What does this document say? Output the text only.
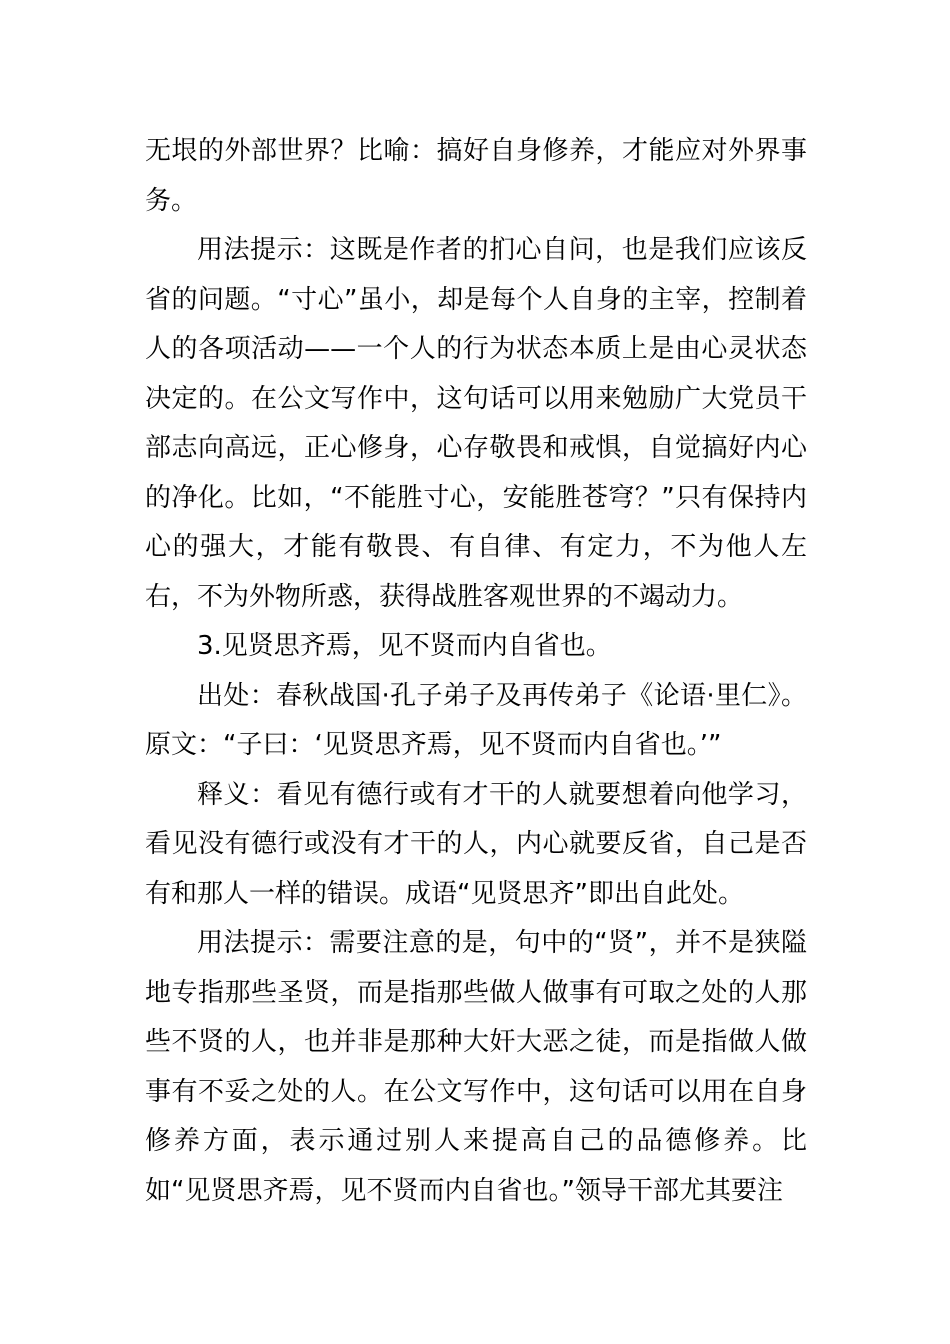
无垠的外部世界？比喻：搞好自身修养，才能应对外界事务。

用法提示：这既是作者的扪心自问，也是我们应该反省的问题。“寸心”虽小，却是每个人自身的主宰，控制着人的各项活动——一个人的行为状态本质上是由心灵状态决定的。在公文写作中，这句话可以用来勉励广大党员干部志向高远，正心修身，心存敬畏和戒惧，自觉搞好内心的净化。比如，“不能胜寸心，安能胜苍穹？”只有保持内心的强大，才能有敬畏、有自律、有定力，不为他人左右，不为外物所惑，获得战胜客观世界的不竭动力。

3.见贤思齐焉，见不贤而内自省也。

出处：春秋战国·孔子弟子及再传弟子《论语·里仁》。原文：“子曰：‘见贤思齐焉，见不贤而内自省也。’”

释义：看见有德行或有才干的人就要想着向他学习，看见没有德行或没有才干的人，内心就要反省，自己是否有和那人一样的错误。成语“见贤思齐”即出自此处。

用法提示：需要注意的是，句中的“贤”，并不是狭隘地专指那些圣贤，而是指那些做人做事有可取之处的人那些不贤的人，也并非是那种大奸大恶之徒，而是指做人做事有不妥之处的人。在公文写作中，这句话可以用在自身修养方面，表示通过别人来提高自己的品德修养。比如“见贤思齐焉，见不贤而内自省也。”领导干部尤其要注
